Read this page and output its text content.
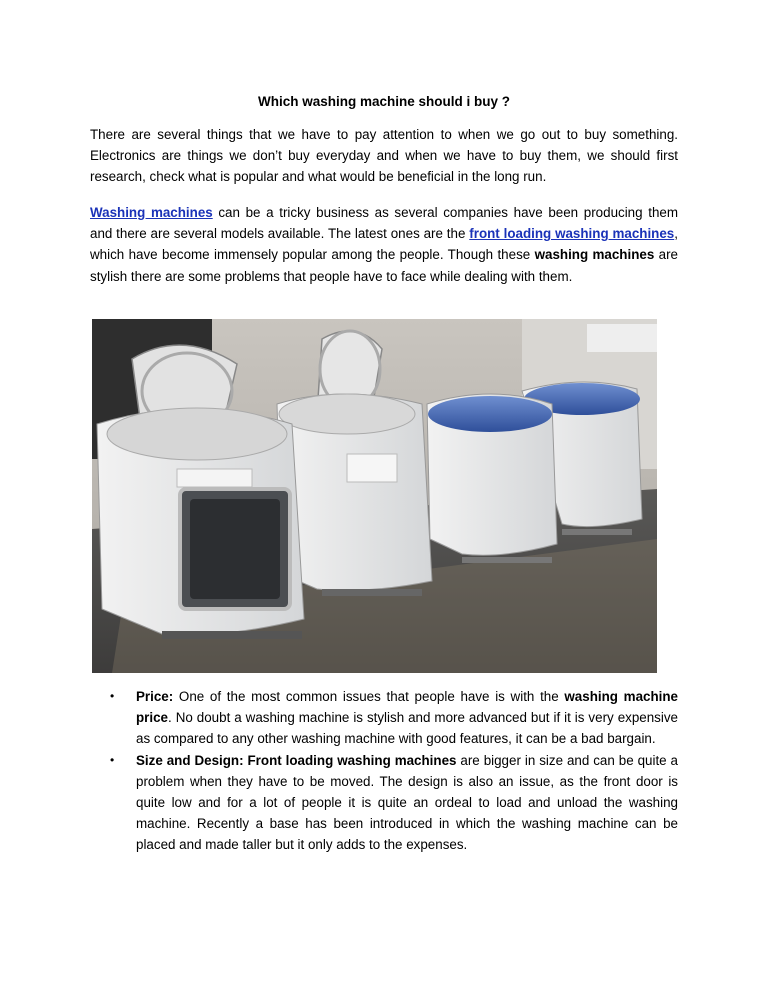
Which washing machine should i buy ?

There are several things that we have to pay attention to when we go out to buy something. Electronics are things we don’t buy everyday and when we have to buy them, we should first research, check what is popular and what would be beneficial in the long run.

Washing machines can be a tricky business as several companies have been producing them and there are several models available. The latest ones are the front loading washing machines, which have become immensely popular among the people. Though these washing machines are stylish there are some problems that people have to face while dealing with them.

• Price: One of the most common issues that people have is with the washing machine price. No doubt a washing machine is stylish and more advanced but if it is very expensive as compared to any other washing machine with good features, it can be a bad bargain.
• Size and Design: Front loading washing machines are bigger in size and can be quite a problem when they have to be moved. The design is also an issue, as the front door is quite low and for a lot of people it is quite an ordeal to load and unload the washing machine. Recently a base has been introduced in which the washing machine can be placed and made taller but it only adds to the expenses.
